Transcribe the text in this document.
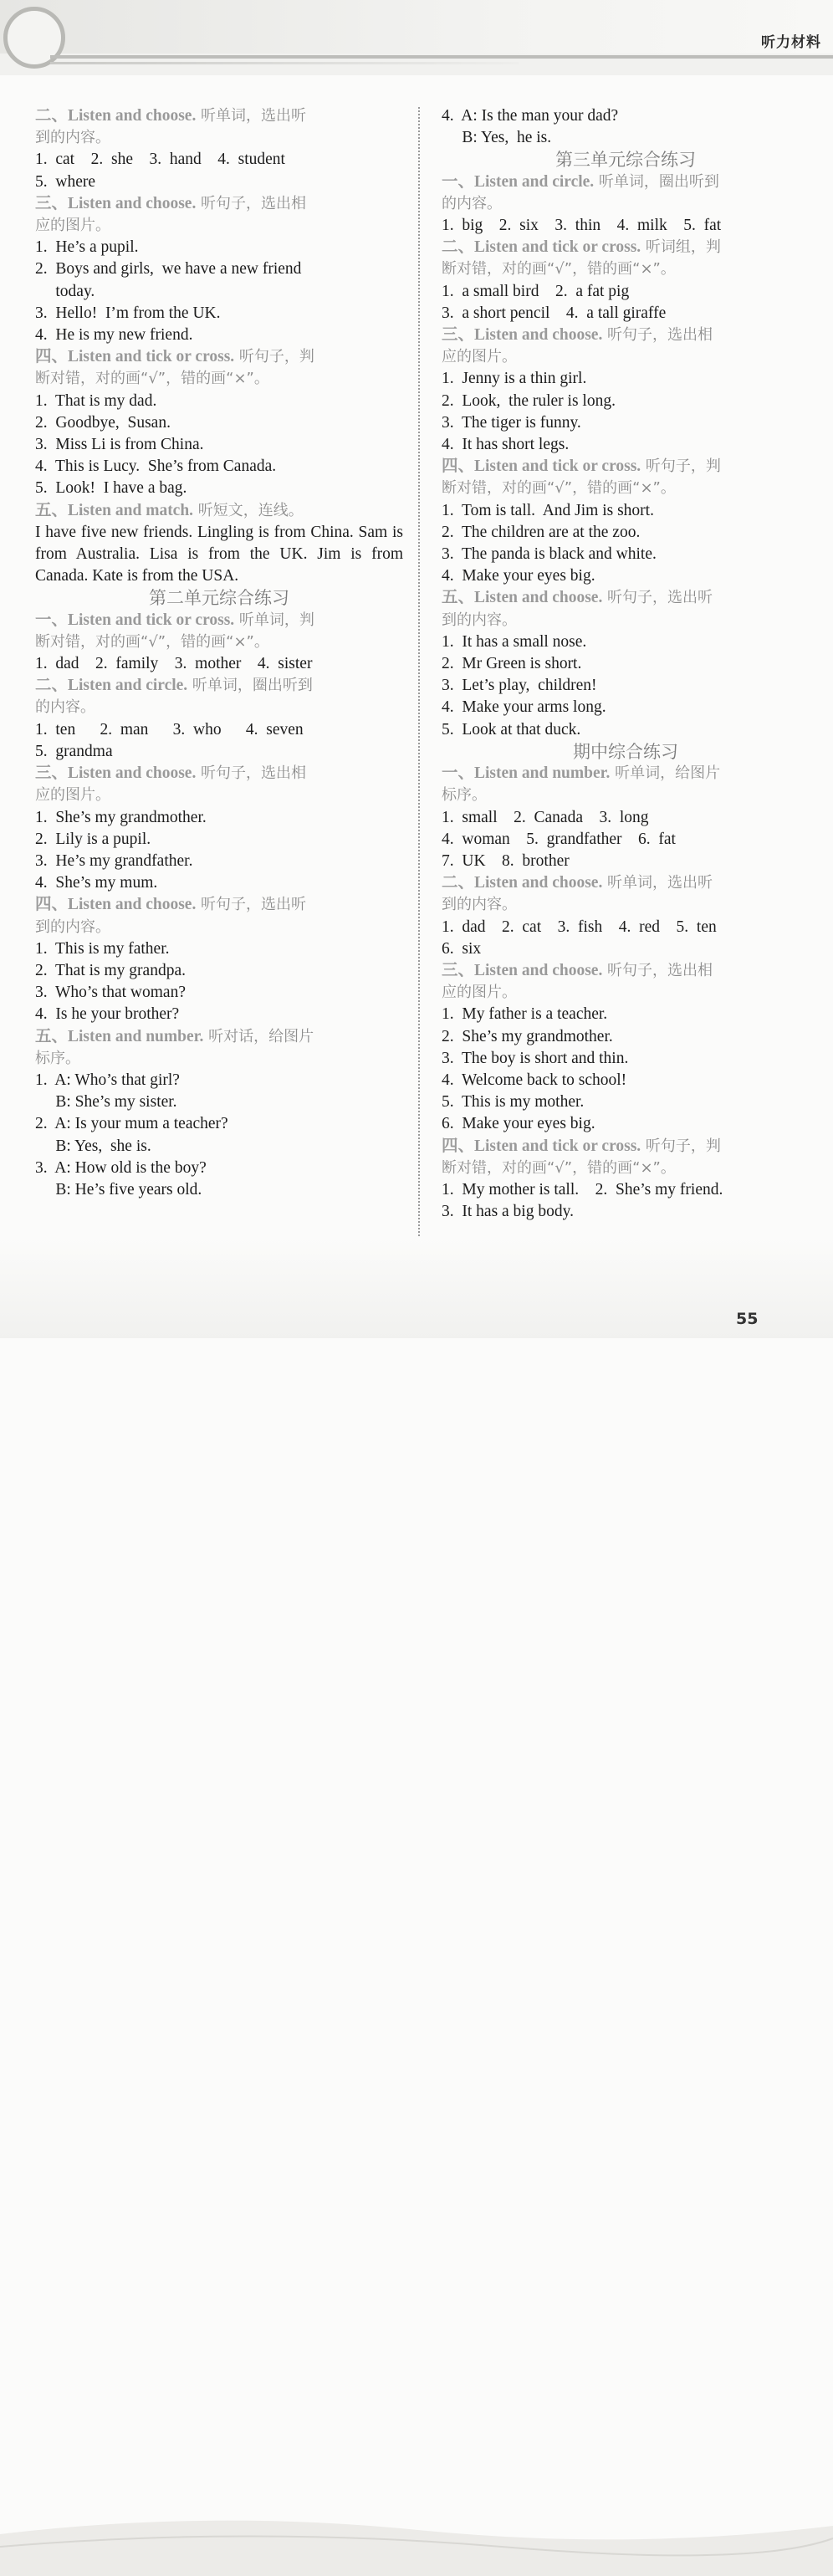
听力材料
二、Listen and choose. 听单词，选出听
到的内容。
1.  cat    2.  she    3.  hand    4.  student
5.  where
三、Listen and choose. 听句子，选出相
应的图片。
1.  He’s a pupil.
2.  Boys and girls,  we have a new friend
today.
3.  Hello!  I’m from the UK.
4.  He is my new friend.
四、Listen and tick or cross. 听句子，判
断对错，对的画“√”，错的画“×”。
1.  That is my dad.
2.  Goodbye,  Susan.
3.  Miss Li is from China.
4.  This is Lucy.  She’s from Canada.
5.  Look!  I have a bag.
五、Listen and match. 听短文，连线。
I have five new friends. Lingling is from China. Sam is from Australia. Lisa is from the UK. Jim is from Canada. Kate is from the USA.
第二单元综合练习
一、Listen and tick or cross. 听单词，判
断对错，对的画“√”，错的画“×”。
1.  dad    2.  family    3.  mother    4.  sister
二、Listen and circle. 听单词，圈出听到
的内容。
1.  ten      2.  man      3.  who      4.  seven
5.  grandma
三、Listen and choose. 听句子，选出相
应的图片。
1.  She’s my grandmother.
2.  Lily is a pupil.
3.  He’s my grandfather.
4.  She’s my mum.
四、Listen and choose. 听句子，选出听
到的内容。
1.  This is my father.
2.  That is my grandpa.
3.  Who’s that woman?
4.  Is he your brother?
五、Listen and number. 听对话，给图片
标序。
1.  A: Who’s that girl?
B: She’s my sister.
2.  A: Is your mum a teacher?
B: Yes,  she is.
3.  A: How old is the boy?
B: He’s five years old.
4.  A: Is the man your dad?
B: Yes,  he is.
第三单元综合练习
一、Listen and circle. 听单词，圈出听到
的内容。
1.  big    2.  six    3.  thin    4.  milk    5.  fat
二、Listen and tick or cross. 听词组，判
断对错，对的画“√”，错的画“×”。
1.  a small bird    2.  a fat pig
3.  a short pencil    4.  a tall giraffe
三、Listen and choose. 听句子，选出相
应的图片。
1.  Jenny is a thin girl.
2.  Look,  the ruler is long.
3.  The tiger is funny.
4.  It has short legs.
四、Listen and tick or cross. 听句子，判
断对错，对的画“√”，错的画“×”。
1.  Tom is tall.  And Jim is short.
2.  The children are at the zoo.
3.  The panda is black and white.
4.  Make your eyes big.
五、Listen and choose. 听句子，选出听
到的内容。
1.  It has a small nose.
2.  Mr Green is short.
3.  Let’s play,  children!
4.  Make your arms long.
5.  Look at that duck.
期中综合练习
一、Listen and number. 听单词，给图片
标序。
1.  small    2.  Canada    3.  long
4.  woman    5.  grandfather    6.  fat
7.  UK    8.  brother
二、Listen and choose. 听单词，选出听
到的内容。
1.  dad    2.  cat    3.  fish    4.  red    5.  ten
6.  six
三、Listen and choose. 听句子，选出相
应的图片。
1.  My father is a teacher.
2.  She’s my grandmother.
3.  The boy is short and thin.
4.  Welcome back to school!
5.  This is my mother.
6.  Make your eyes big.
四、Listen and tick or cross. 听句子，判
断对错，对的画“√”，错的画“×”。
1.  My mother is tall.    2.  She’s my friend.
3.  It has a big body.
55
